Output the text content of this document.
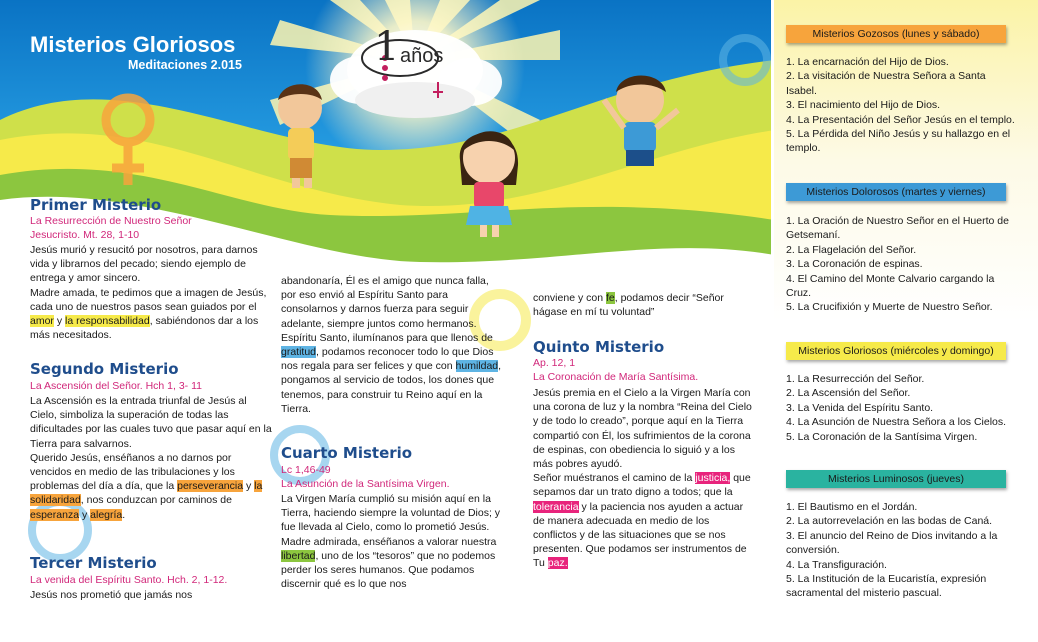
Misterios Gloriosos
Meditaciones 2.015	1 años
Primer Misterio
La Resurrección de Nuestro Señor Jesucristo. Mt. 28, 1-10

Jesús murió y resucitó por nosotros, para darnos vida y librarnos del pecado; siendo ejemplo de entrega y amor sincero.

Madre amada, te pedimos que a imagen de Jesús, cada uno de nuestros pasos sean guiados por el amor y la responsabilidad, sabiéndonos dar a los más necesitados.

Segundo Misterio
La Ascensión del Señor. Hch 1, 3- 11

La Ascensión es la entrada triunfal de Jesús al Cielo, simboliza la superación de todas las dificultades por las cuales tuvo que pasar aquí en la Tierra para salvarnos.

Querido Jesús, enséñanos a no darnos por vencidos en medio de las tribulaciones y los problemas del día a día, que la perseverancia y la solidaridad, nos conduzcan por caminos de esperanza y alegría.

Tercer Misterio
La venida del Espíritu Santo. Hch. 2, 1-12.
Jesús nos prometió que jamás nos

abandonaría, Él es el amigo que nunca falla, por eso envió al Espíritu Santo para consolarnos y darnos fuerza para seguir adelante, siempre juntos como hermanos.

Espíritu Santo, ilumínanos para que llenos de gratitud, podamos reconocer todo lo que Dios nos regala para ser felices y que con humildad, pongamos al servicio de todos, los dones que tenemos, para construir tu Reino aquí en la Tierra.

Cuarto Misterio
Lc 1,46-49
La Asunción de la Santísima Virgen.

La Virgen María cumplió su misión aquí en la Tierra, haciendo siempre la voluntad de Dios; y fue llevada al Cielo, como lo prometió Jesús.

Madre admirada, enséñanos a valorar nuestra libertad, uno de los “tesoros” que no podemos perder los seres humanos. Que podamos discernir qué es lo que nos

conviene y con fe, podamos decir “Señor hágase en mí tu voluntad”
Quinto Misterio
Ap. 12, 1
La Coronación de María Santísima.

Jesús premia en el Cielo a la Virgen María con una corona de luz y la nombra “Reina del Cielo y de todo lo creado”, porque aquí en la Tierra compartió con Él, los sufrimientos de la corona de espinas, con obediencia lo siguió y a los más pobres ayudó.

Señor muéstranos el camino de la justicia, que sepamos dar un trato digno a todos; que la tolerancia y la paciencia nos ayuden a actuar de manera adecuada en medio de los conflictos y de las situaciones que se nos presenten. Que podamos ser instrumentos de Tu paz.

Misterios Gozosos (lunes y sábado)
1. La encarnación del Hijo de Dios.
2. La visitación de Nuestra Señora a Santa Isabel.
3. El nacimiento del Hijo de Dios.
4. La Presentación del Señor Jesús en el templo.
5. La Pérdida del Niño Jesús y su hallazgo en el templo.
Misterios Dolorosos (martes y viernes)
1. La Oración de Nuestro Señor en el Huerto de Getsemaní.
2. La Flagelación del Señor.
3. La Coronación de espinas.
4. El Camino del Monte Calvario cargando la Cruz.
5. La Crucifixión y Muerte de Nuestro Señor.
Misterios Gloriosos (miércoles y domingo)
1. La Resurrección del Señor.
2. La Ascensión del Señor.
3. La Venida del Espíritu Santo.
4. La Asunción de Nuestra Señora a los Cielos.
5. La Coronación de la Santísima Virgen.
Misterios Luminosos (jueves)
1. El Bautismo en el Jordán.
2. La autorrevelación en las bodas de Caná.
3. El anuncio del Reino de Dios invitando a la conversión.
4. La Transfiguración.
5. La Institución de la Eucaristía, expresión sacramental del misterio pascual.
